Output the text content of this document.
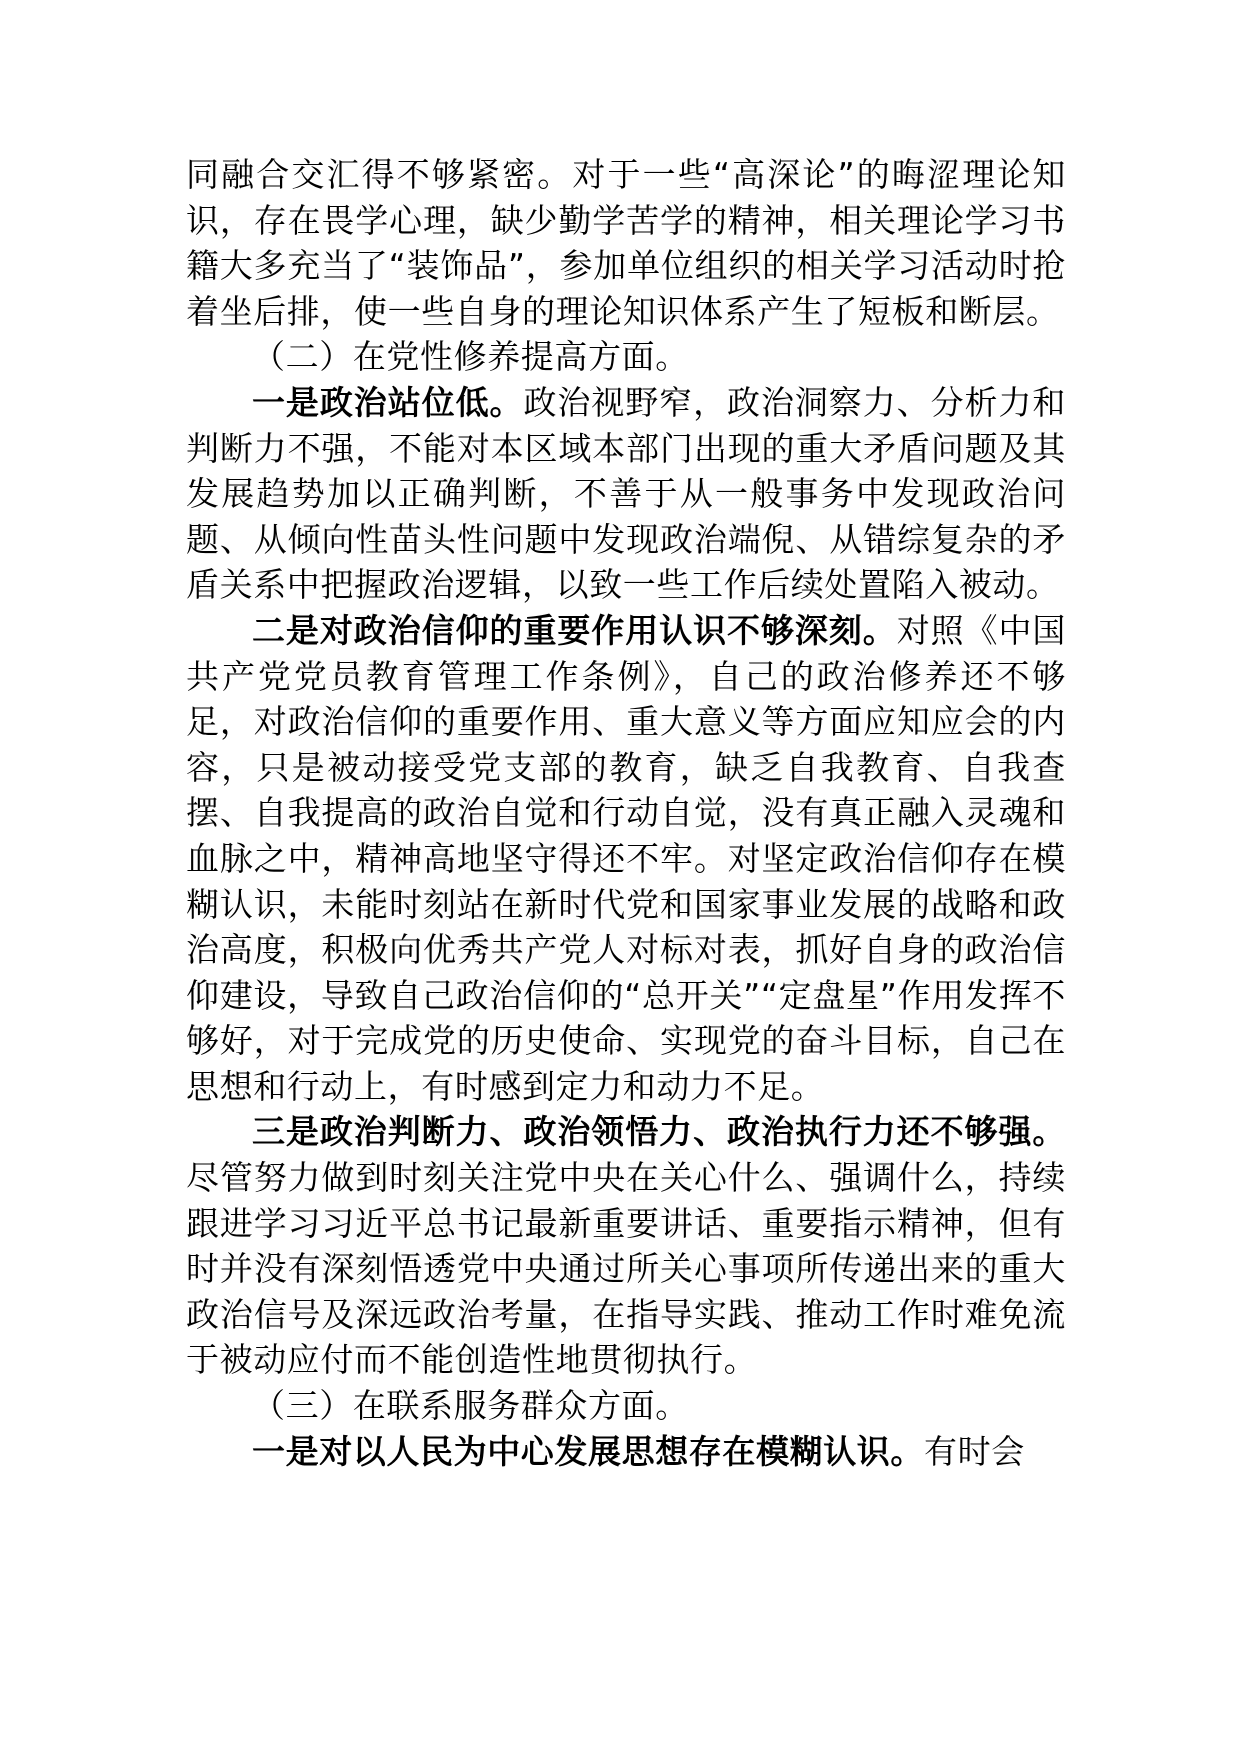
同融合交汇得不够紧密。对于一些“高深论”的晦涩理论知识，存在畏学心理，缺少勤学苦学的精神，相关理论学习书籍大多充当了“装饰品”，参加单位组织的相关学习活动时抢着坐后排，使一些自身的理论知识体系产生了短板和断层。

（二）在党性修养提高方面。

一是政治站位低。政治视野窄，政治洞察力、分析力和判断力不强，不能对本区域本部门出现的重大矛盾问题及其发展趋势加以正确判断，不善于从一般事务中发现政治问题、从倾向性苗头性问题中发现政治端倪、从错综复杂的矛盾关系中把握政治逻辑，以致一些工作后续处置陷入被动。

二是对政治信仰的重要作用认识不够深刻。对照《中国共产党党员教育管理工作条例》，自己的政治修养还不够足，对政治信仰的重要作用、重大意义等方面应知应会的内容，只是被动接受党支部的教育，缺乏自我教育、自我查摆、自我提高的政治自觉和行动自觉，没有真正融入灵魂和血脉之中，精神高地坚守得还不牢。对坚定政治信仰存在模糊认识，未能时刻站在新时代党和国家事业发展的战略和政治高度，积极向优秀共产党人对标对表，抓好自身的政治信仰建设，导致自己政治信仰的“总开关”“定盘星”作用发挥不够好，对于完成党的历史使命、实现党的奋斗目标，自己在思想和行动上，有时感到定力和动力不足。

三是政治判断力、政治领悟力、政治执行力还不够强。尽管努力做到时刻关注党中央在关心什么、强调什么，持续跟进学习习近平总书记最新重要讲话、重要指示精神，但有时并没有深刻悟透党中央通过所关心事项所传递出来的重大政治信号及深远政治考量，在指导实践、推动工作时难免流于被动应付而不能创造性地贯彻执行。

（三）在联系服务群众方面。

一是对以人民为中心发展思想存在模糊认识。有时会
